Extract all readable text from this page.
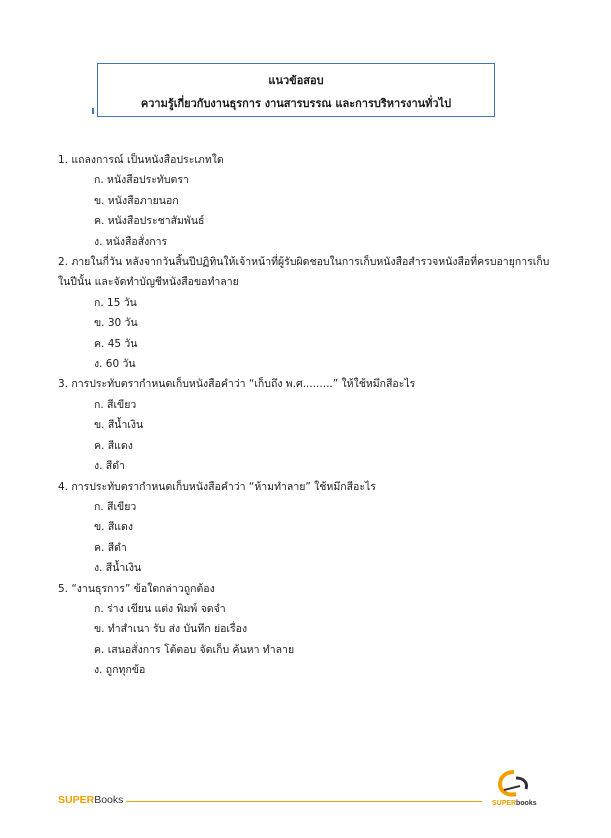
แนวข้อสอบ
ความรู้เกี่ยวกับงานธุรการ งานสารบรรณ และการบริหารงานทั่วไป

1. แถลงการณ์ เป็นหนังสือประเภทใด

ก. หนังสือประทับตรา

ข. หนังสือภายนอก

ค. หนังสือประชาสัมพันธ์

ง. หนังสือสั่งการ

2. ภายในกี่วัน หลังจากวันสิ้นปีปฏิทินให้เจ้าหน้าที่ผู้รับผิดชอบในการเก็บหนังสือสำรวจหนังสือที่ครบอายุการเก็บในปีนั้น และจัดทำบัญชีหนังสือขอทำลาย

ก. 15 วัน

ข. 30 วัน

ค. 45 วัน

ง. 60 วัน

3. การประทับตรากำหนดเก็บหนังสือคำว่า “เก็บถึง พ.ศ.........” ให้ใช้หมึกสีอะไร

ก. สีเขียว

ข. สีน้ำเงิน

ค. สีแดง

ง. สีดำ

4. การประทับตรากำหนดเก็บหนังสือคำว่า “ห้ามทำลาย” ใช้หมึกสีอะไร

ก. สีเขียว

ข. สีแดง

ค. สีดำ

ง. สีน้ำเงิน

5. “งานธุรการ” ข้อใดกล่าวถูกต้อง

ก. ร่าง เขียน แต่ง พิมพ์ จดจำ

ข. ทำสำเนา รับ ส่ง บันทึก ย่อเรื่อง

ค. เสนอสั่งการ โต้ตอบ จัดเก็บ ค้นหา ทำลาย

ง. ถูกทุกข้อ

SUPERBooks	SUPER books
